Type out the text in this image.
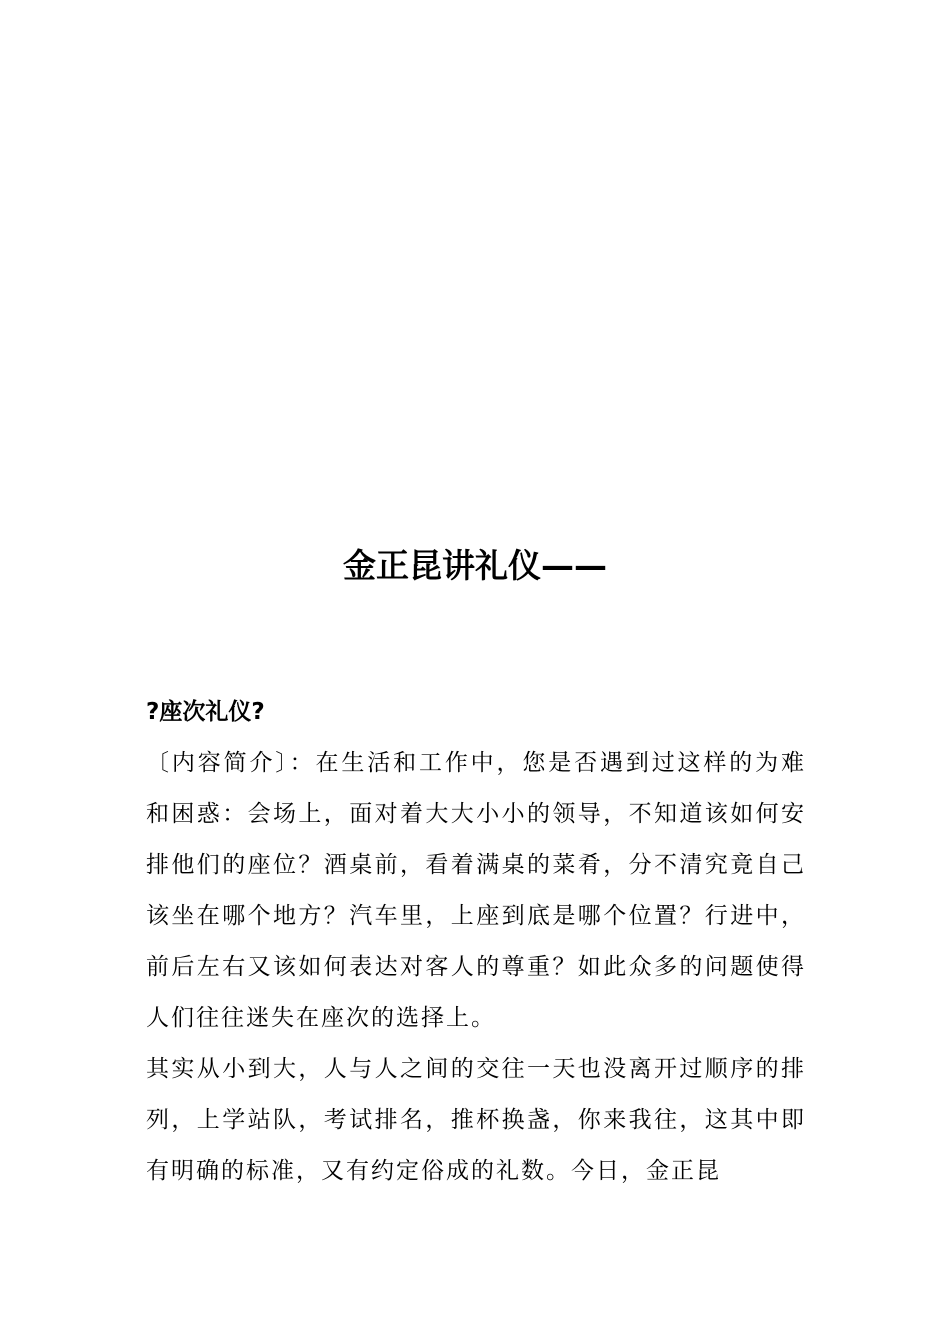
金正昆讲礼仪——
?座次礼仪?

〔内容简介〕：在生活和工作中，您是否遇到过这样的为难和困惑：会场上，面对着大大小小的领导，不知道该如何安排他们的座位？酒桌前，看着满桌的菜肴，分不清究竟自己该坐在哪个地方？汽车里，上座到底是哪个位置？行进中，前后左右又该如何表达对客人的尊重？如此众多的问题使得人们往往迷失在座次的选择上。

其实从小到大，人与人之间的交往一天也没离开过顺序的排列，上学站队，考试排名，推杯换盏，你来我往，这其中即有明确的标准，又有约定俗成的礼数。今日，金正昆
